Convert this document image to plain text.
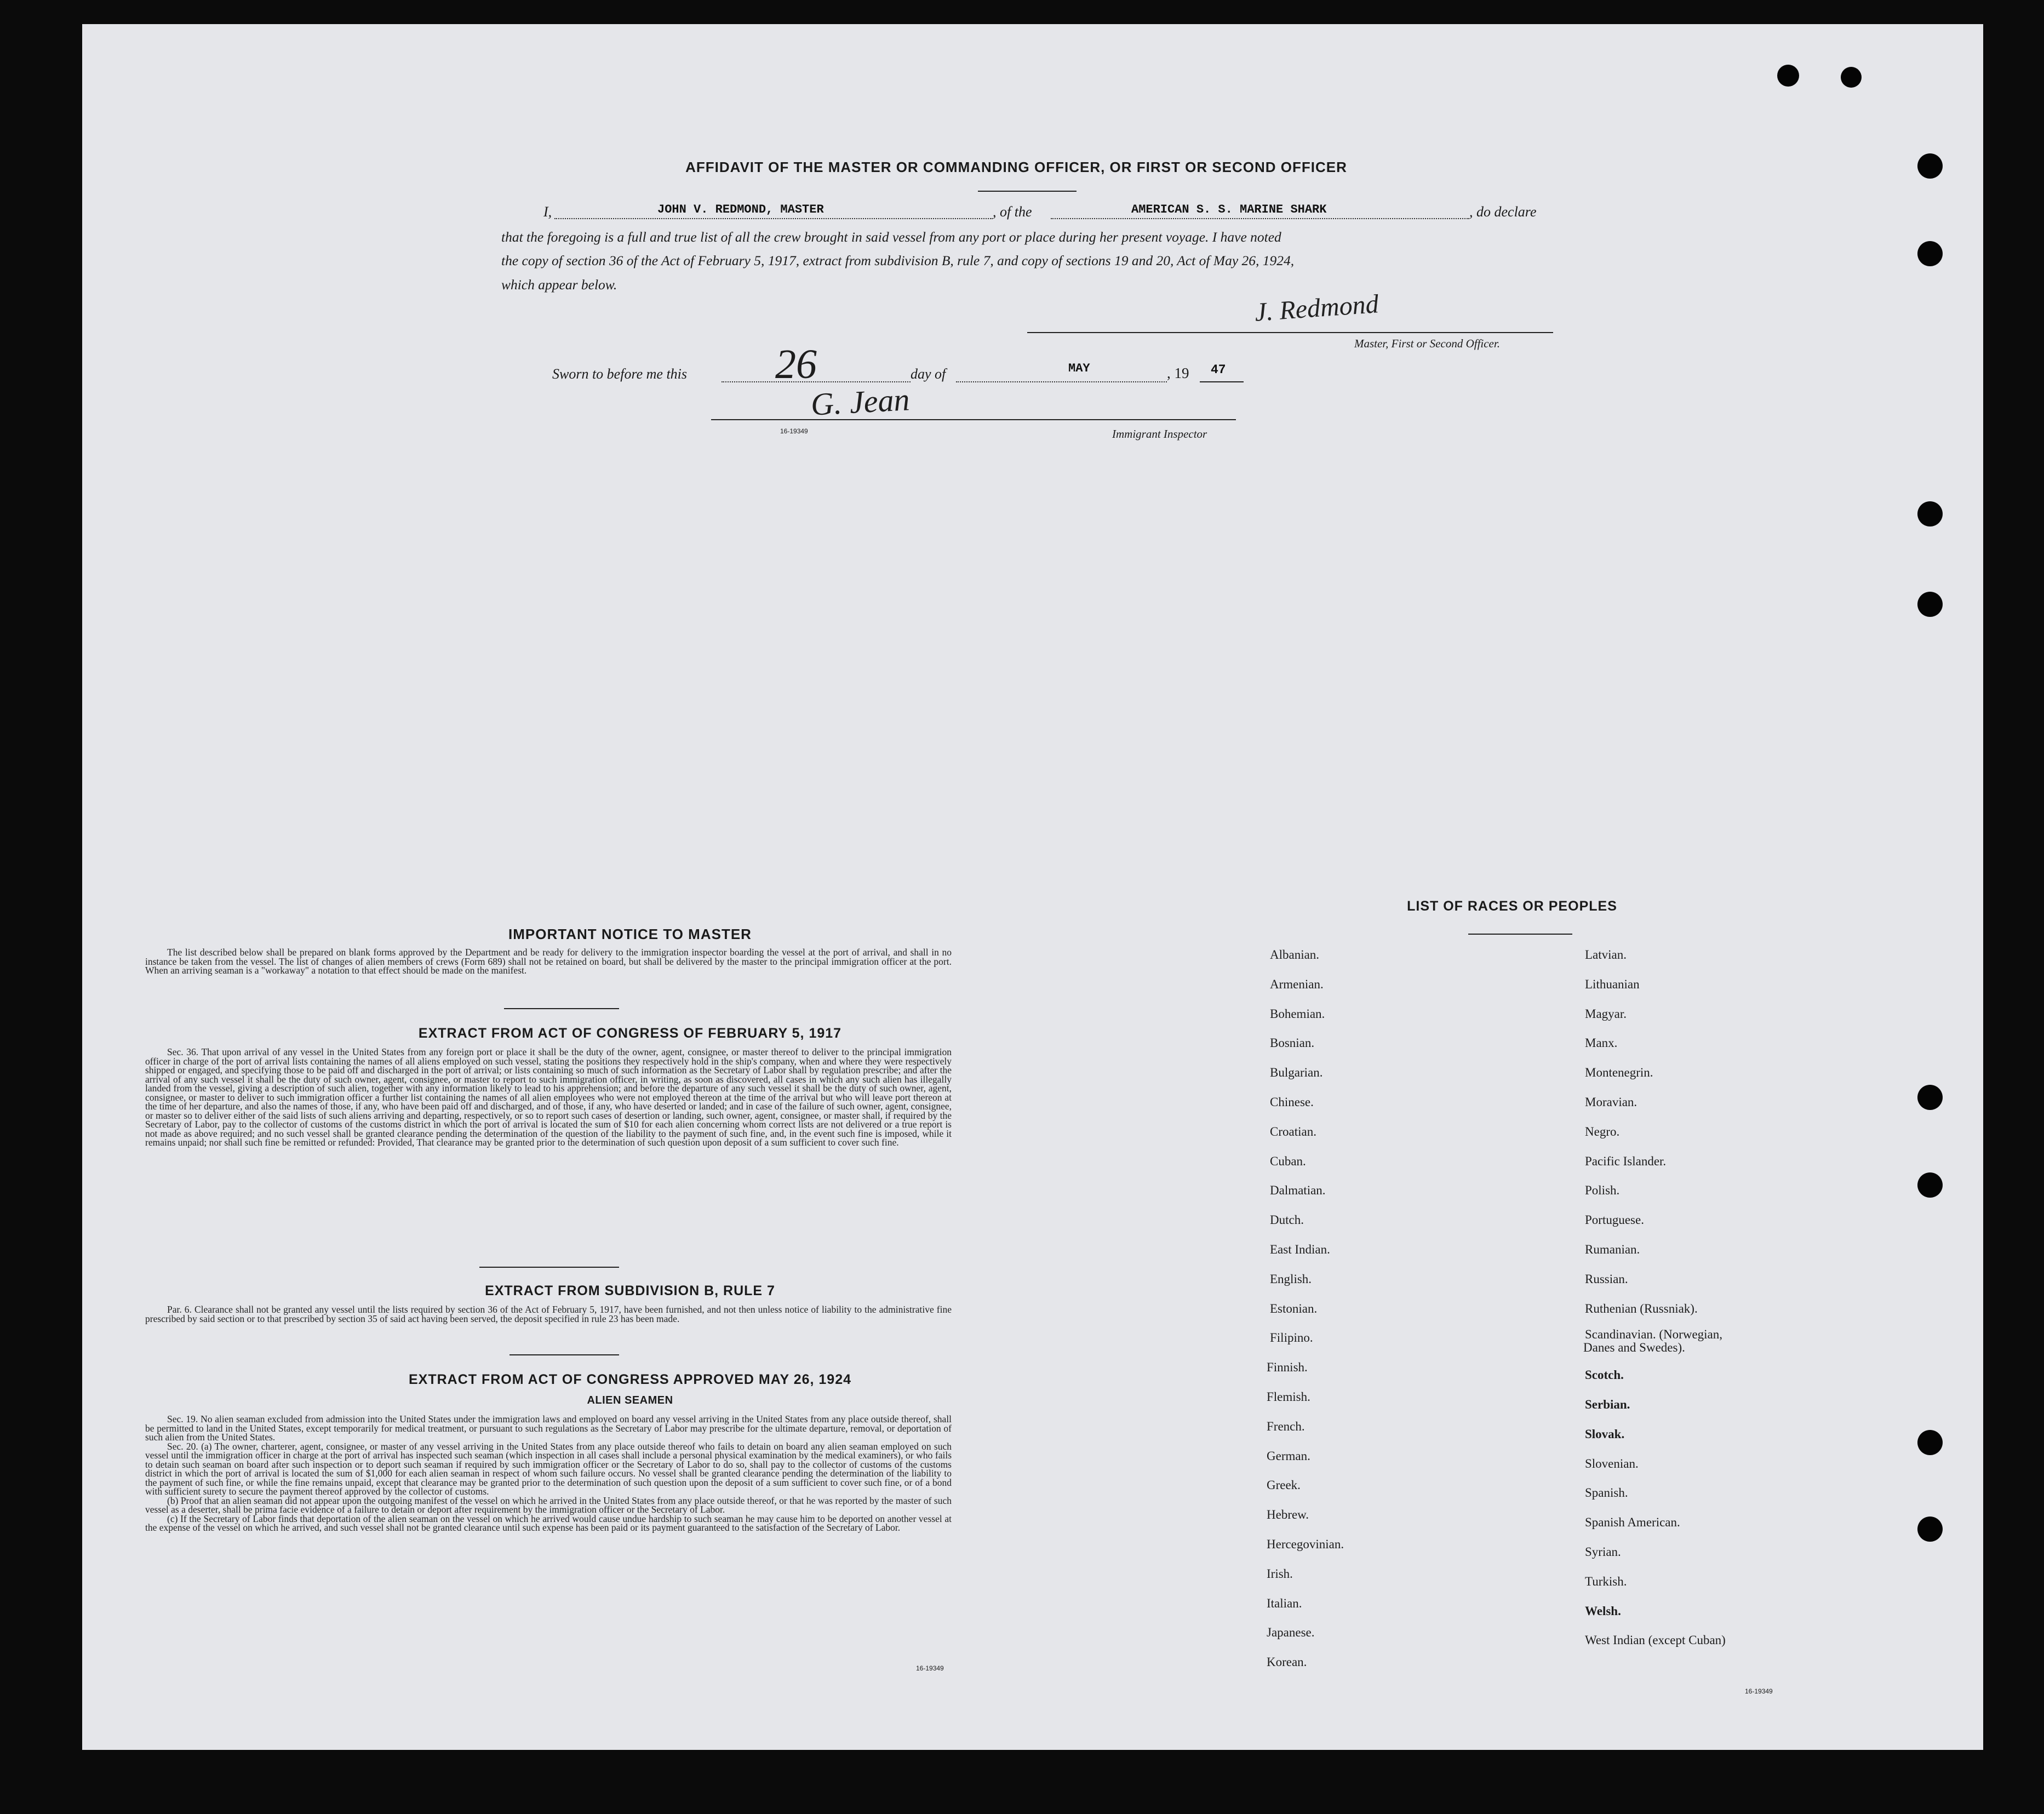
AFFIDAVIT OF THE MASTER OR COMMANDING OFFICER, OR FIRST OR SECOND OFFICER
I,	JOHN V. REDMOND, MASTER	, of the	AMERICAN S. S. MARINE SHARK	, do declare
that the foregoing is a full and true list of all the crew brought in said vessel from any port or place during her present voyage. I have noted
the copy of section 36 of the Act of February 5, 1917, extract from subdivision B, rule 7, and copy of sections 19 and 20, Act of May 26, 1924,
which appear below.
J. Redmond
Master, First or Second Officer.
Sworn to before me this 26	day of	MAY	, 19 47
G. Jean
16-19349	Immigrant Inspector
IMPORTANT NOTICE TO MASTER

The list described below shall be prepared on blank forms approved by the Department and be ready for delivery to the immigration inspector boarding the vessel at the port of arrival, and shall in no instance be taken from the vessel. The list of changes of alien members of crews (Form 689) shall not be retained on board, but shall be delivered by the master to the principal immigration officer at the port. When an arriving seaman is a "workaway" a notation to that effect should be made on the manifest.

EXTRACT FROM ACT OF CONGRESS OF FEBRUARY 5, 1917

Sec. 36. That upon arrival of any vessel in the United States from any foreign port or place it shall be the duty of the owner, agent, consignee, or master thereof to deliver to the principal immigration officer in charge of the port of arrival lists containing the names of all aliens employed on such vessel, stating the positions they respectively hold in the ship's company, when and where they were respectively shipped or engaged, and specifying those to be paid off and discharged in the port of arrival; or lists containing so much of such information as the Secretary of Labor shall by regulation prescribe; and after the arrival of any such vessel it shall be the duty of such owner, agent, consignee, or master to report to such immigration officer, in writing, as soon as discovered, all cases in which any such alien has illegally landed from the vessel, giving a description of such alien, together with any information likely to lead to his apprehension; and before the departure of any such vessel it shall be the duty of such owner, agent, consignee, or master to deliver to such immigration officer a further list containing the names of all alien employees who were not employed thereon at the time of the arrival but who will leave port thereon at the time of her departure, and also the names of those, if any, who have been paid off and discharged, and of those, if any, who have deserted or landed; and in case of the failure of such owner, agent, consignee, or master so to deliver either of the said lists of such aliens arriving and departing, respectively, or so to report such cases of desertion or landing, such owner, agent, consignee, or master shall, if required by the Secretary of Labor, pay to the collector of customs of the customs district in which the port of arrival is located the sum of $10 for each alien concerning whom correct lists are not delivered or a true report is not made as above required; and no such vessel shall be granted clearance pending the determination of the question of the liability to the payment of such fine, and, in the event such fine is imposed, while it remains unpaid; nor shall such fine be remitted or refunded: Provided, That clearance may be granted prior to the determination of such question upon deposit of a sum sufficient to cover such fine.

EXTRACT FROM SUBDIVISION B, RULE 7

Par. 6. Clearance shall not be granted any vessel until the lists required by section 36 of the Act of February 5, 1917, have been furnished, and not then unless notice of liability to the administrative fine prescribed by said section or to that prescribed by section 35 of said act having been served, the deposit specified in rule 23 has been made.

EXTRACT FROM ACT OF CONGRESS APPROVED MAY 26, 1924
ALIEN SEAMEN

Sec. 19. No alien seaman excluded from admission into the United States under the immigration laws and employed on board any vessel arriving in the United States from any place outside thereof, shall be permitted to land in the United States, except temporarily for medical treatment, or pursuant to such regulations as the Secretary of Labor may prescribe for the ultimate departure, removal, or deportation of such alien from the United States.

Sec. 20. (a) The owner, charterer, agent, consignee, or master of any vessel arriving in the United States from any place outside thereof who fails to detain on board any alien seaman employed on such vessel until the immigration officer in charge at the port of arrival has inspected such seaman (which inspection in all cases shall include a personal physical examination by the medical examiners), or who fails to detain such seaman on board after such inspection or to deport such seaman if required by such immigration officer or the Secretary of Labor to do so, shall pay to the collector of customs of the customs district in which the port of arrival is located the sum of $1,000 for each alien seaman in respect of whom such failure occurs. No vessel shall be granted clearance pending the determination of the liability to the payment of such fine, or while the fine remains unpaid, except that clearance may be granted prior to the determination of such question upon the deposit of a sum sufficient to cover such fine, or of a bond with sufficient surety to secure the payment thereof approved by the collector of customs.

(b) Proof that an alien seaman did not appear upon the outgoing manifest of the vessel on which he arrived in the United States from any place outside thereof, or that he was reported by the master of such vessel as a deserter, shall be prima facie evidence of a failure to detain or deport after requirement by the immigration officer or the Secretary of Labor.

(c) If the Secretary of Labor finds that deportation of the alien seaman on the vessel on which he arrived would cause undue hardship to such seaman he may cause him to be deported on another vessel at the expense of the vessel on which he arrived, and such vessel shall not be granted clearance until such expense has been paid or its payment guaranteed to the satisfaction of the Secretary of Labor.

16-19349
LIST OF RACES OR PEOPLES
Albanian.
Armenian.
Bohemian.
Bosnian.
Bulgarian.
Chinese.
Croatian.
Cuban.
Dalmatian.
Dutch.
East Indian.
English.
Estonian.
Filipino.
Finnish.
Flemish.
French.
German.
Greek.
Hebrew.
Hercegovinian.
Irish.
Italian.
Japanese.
Korean.
Latvian.
Lithuanian
Magyar.
Manx.
Montenegrin.
Moravian.
Negro.
Pacific Islander.
Polish.
Portuguese.
Rumanian.
Russian.
Ruthenian (Russniak).
Scandinavian. (Norwegian,
Danes and Swedes).
Scotch.
Serbian.
Slovak.
Slovenian.
Spanish.
Spanish American.
Syrian.
Turkish.
Welsh.
West Indian (except Cuban)
16-19349
